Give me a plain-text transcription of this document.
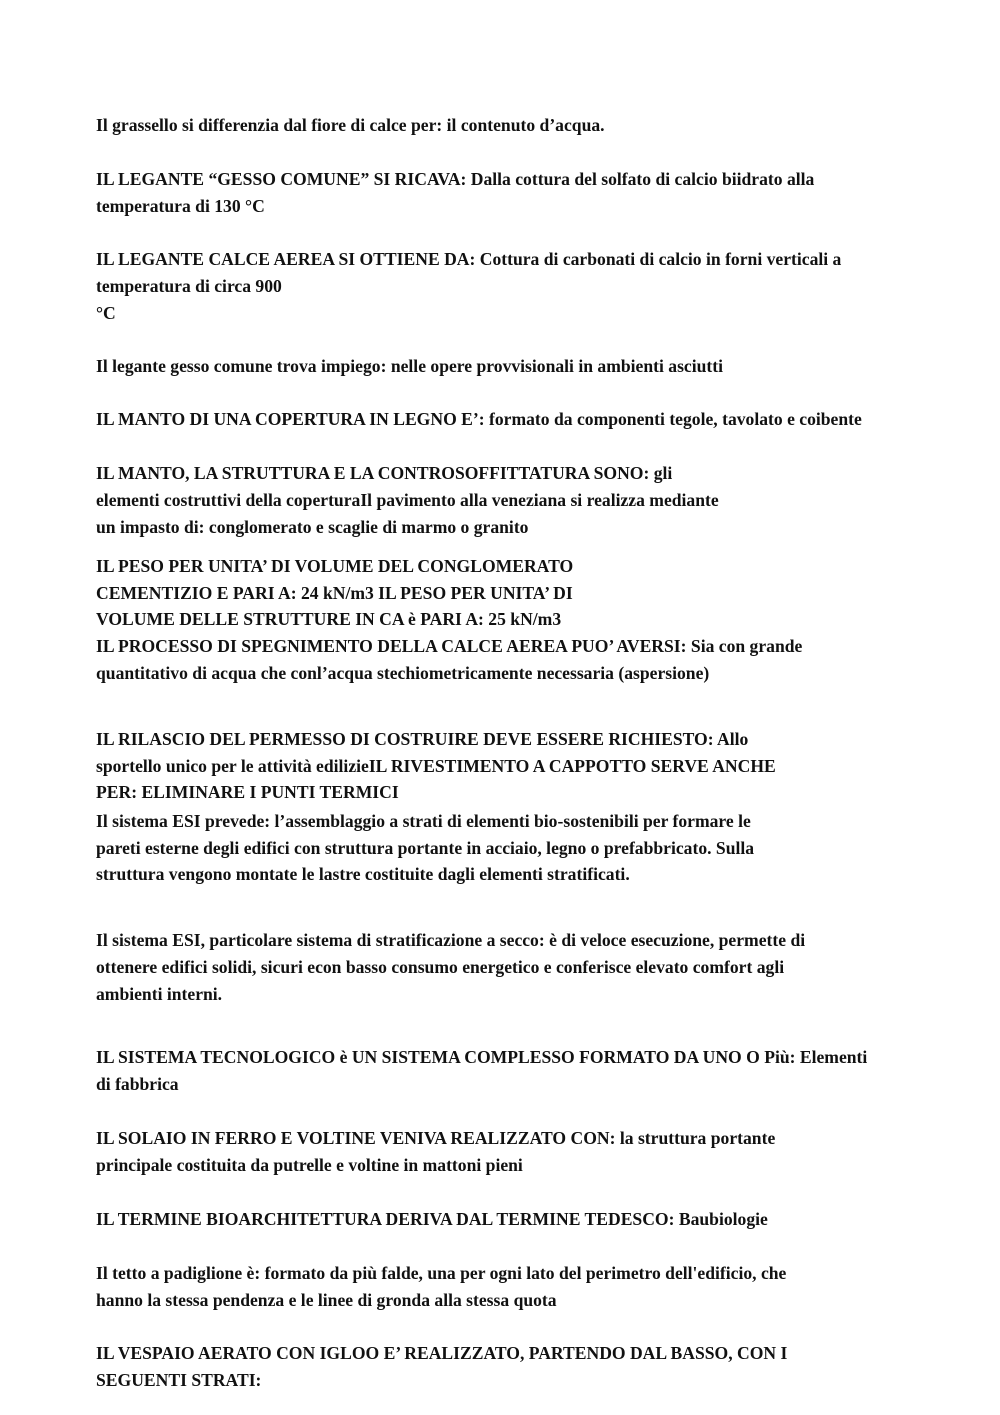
Il grassello si differenzia dal fiore di calce per: il contenuto d’acqua.

IL LEGANTE “GESSO COMUNE” SI RICAVA: Dalla cottura del solfato di calcio biidrato alla

temperatura di 130 °C

IL LEGANTE CALCE AEREA SI OTTIENE DA: Cottura di carbonati di calcio in forni verticali a

temperatura di circa 900

°C

Il legante gesso comune trova impiego: nelle opere provvisionali in ambienti asciutti

IL MANTO DI UNA COPERTURA IN LEGNO E’: formato da componenti tegole, tavolato e coibente

IL MANTO, LA STRUTTURA E LA CONTROSOFFITTATURA SONO: gli

elementi costruttivi della coperturaIl pavimento alla veneziana si realizza mediante

un impasto di: conglomerato e scaglie di marmo o granito

IL PESO PER UNITA’ DI VOLUME DEL CONGLOMERATO

CEMENTIZIO E PARI A: 24 kN/m3 IL PESO PER UNITA’ DI

VOLUME DELLE STRUTTURE IN CA è PARI A: 25 kN/m3

IL PROCESSO DI SPEGNIMENTO DELLA CALCE AEREA PUO’ AVERSI: Sia con grande

quantitativo di acqua che conl’acqua stechiometricamente necessaria (aspersione)

IL RILASCIO DEL PERMESSO DI COSTRUIRE DEVE ESSERE RICHIESTO: Allo

sportello unico per le attività edilizieIL RIVESTIMENTO A CAPPOTTO SERVE ANCHE

PER: ELIMINARE I PUNTI TERMICI

Il sistema ESI prevede: l’assemblaggio a strati di elementi bio-sostenibili per formare le

pareti esterne degli edifici con struttura portante in acciaio, legno o prefabbricato. Sulla

struttura vengono montate le lastre costituite dagli elementi stratificati.

Il sistema ESI, particolare sistema di stratificazione a secco: è di veloce esecuzione, permette di

ottenere edifici solidi, sicuri econ basso consumo energetico e conferisce elevato comfort agli

ambienti interni.

IL SISTEMA TECNOLOGICO è UN SISTEMA COMPLESSO FORMATO DA UNO O Più: Elementi

di fabbrica

IL SOLAIO IN FERRO E VOLTINE VENIVA REALIZZATO CON: la struttura portante

principale costituita da putrelle e voltine in mattoni pieni

IL TERMINE BIOARCHITETTURA DERIVA DAL TERMINE TEDESCO: Baubiologie

Il tetto a padiglione è: formato da più falde, una per ogni lato del perimetro dell'edificio, che

hanno la stessa pendenza e le linee di gronda alla stessa quota

IL VESPAIO AERATO CON IGLOO E’ REALIZZATO, PARTENDO DAL BASSO, CON I

SEGUENTI STRATI:
